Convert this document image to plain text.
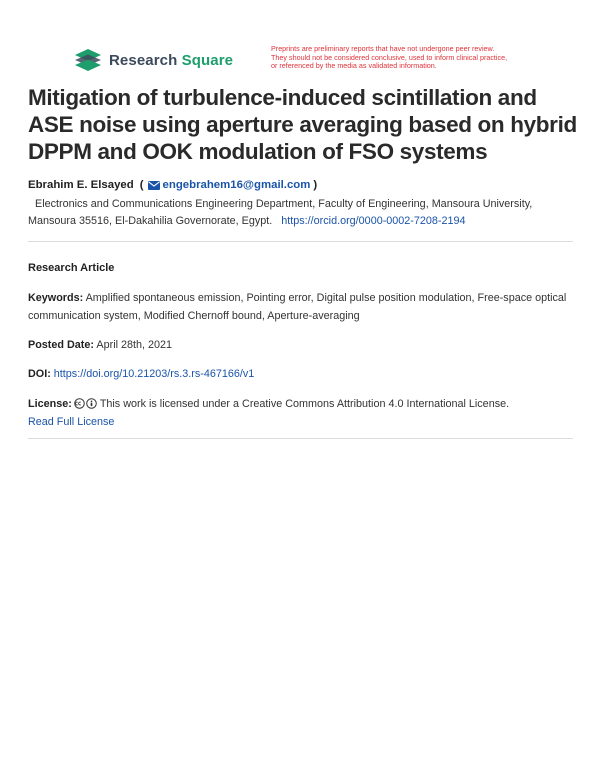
Research Square
Preprints are preliminary reports that have not undergone peer review.
They should not be considered conclusive, used to inform clinical practice,
or referenced by the media as validated information.
Mitigation of turbulence-induced scintillation and ASE noise using aperture averaging based on hybrid DPPM and OOK modulation of FSO systems
Ebrahim E. Elsayed ( engebrahem16@gmail.com )

Electronics and Communications Engineering Department, Faculty of Engineering, Mansoura University, Mansoura 35516, El-Dakahilia Governorate, Egypt. https://orcid.org/0000-0002-7208-2194

Research Article

Keywords: Amplified spontaneous emission, Pointing error, Digital pulse position modulation, Free-space optical communication system, Modified Chernoff bound, Aperture-averaging

Posted Date: April 28th, 2021

DOI: https://doi.org/10.21203/rs.3.rs-467166/v1

License:	This work is licensed under a Creative Commons Attribution 4.0 International License.
Read Full License
